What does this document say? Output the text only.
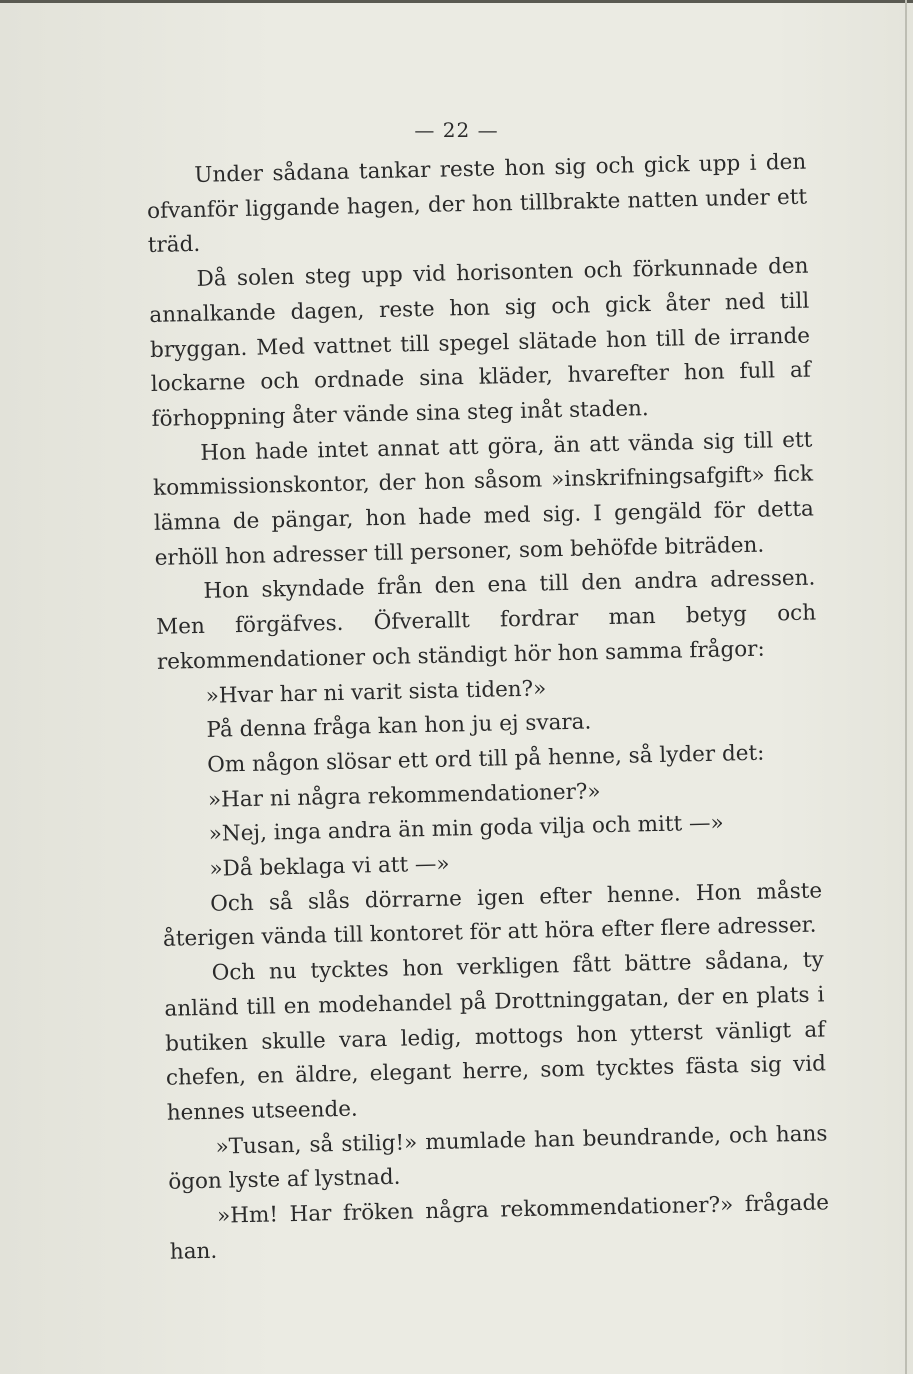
— 22 —

Under sådana tankar reste hon sig och gick upp i den ofvanför liggande hagen, der hon tillbrakte natten under ett träd.

Då solen steg upp vid horisonten och förkunnade den annalkande dagen, reste hon sig och gick åter ned till bryggan. Med vattnet till spegel slätade hon till de irrande lockarne och ordnade sina kläder, hvarefter hon full af förhoppning åter vände sina steg inåt staden.

Hon hade intet annat att göra, än att vända sig till ett kommissionskontor, der hon såsom »inskrifningsafgift» fick lämna de pängar, hon hade med sig. I gengäld för detta erhöll hon adresser till personer, som behöfde biträden.

Hon skyndade från den ena till den andra adressen. Men förgäfves. Öfverallt fordrar man betyg och rekommendationer och ständigt hör hon samma frågor:

»Hvar har ni varit sista tiden?»

På denna fråga kan hon ju ej svara.

Om någon slösar ett ord till på henne, så lyder det:

»Har ni några rekommendationer?»

»Nej, inga andra än min goda vilja och mitt —»

»Då beklaga vi att —»

Och så slås dörrarne igen efter henne. Hon måste återigen vända till kontoret för att höra efter flere adresser.

Och nu tycktes hon verkligen fått bättre sådana, ty anländ till en modehandel på Drottninggatan, der en plats i butiken skulle vara ledig, mottogs hon ytterst vänligt af chefen, en äldre, elegant herre, som tycktes fästa sig vid hennes utseende.

»Tusan, så stilig!» mumlade han beundrande, och hans ögon lyste af lystnad.

»Hm! Har fröken några rekommendationer?» frågade han.
